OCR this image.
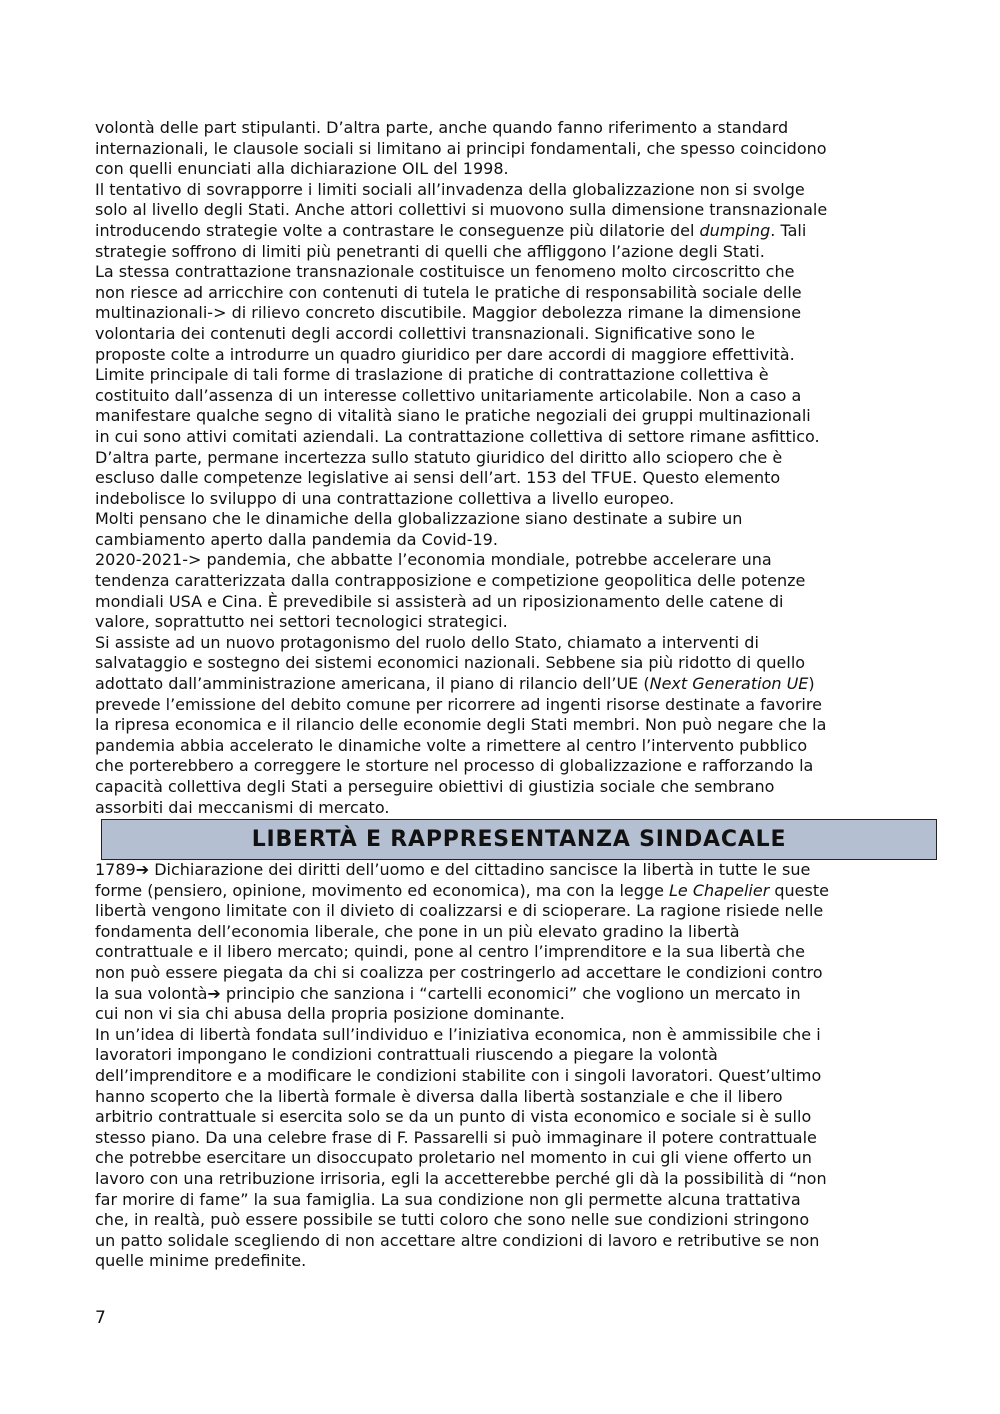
volontà delle part stipulanti. D’altra parte, anche quando fanno riferimento a standard
internazionali, le clausole sociali si limitano ai principi fondamentali, che spesso coincidono
con quelli enunciati alla dichiarazione OIL del 1998.
Il tentativo di sovrapporre i limiti sociali all’invadenza della globalizzazione non si svolge
solo al livello degli Stati. Anche attori collettivi si muovono sulla dimensione transnazionale
introducendo strategie volte a contrastare le conseguenze più dilatorie del dumping. Tali
strategie soffrono di limiti più penetranti di quelli che affliggono l’azione degli Stati.
La stessa contrattazione transnazionale costituisce un fenomeno molto circoscritto che
non riesce ad arricchire con contenuti di tutela le pratiche di responsabilità sociale delle
multinazionali-> di rilievo concreto discutibile. Maggior debolezza rimane la dimensione
volontaria dei contenuti degli accordi collettivi transnazionali. Significative sono le
proposte colte a introdurre un quadro giuridico per dare accordi di maggiore effettività.
Limite principale di tali forme di traslazione di pratiche di contrattazione collettiva è
costituito dall’assenza di un interesse collettivo unitariamente articolabile. Non a caso a
manifestare qualche segno di vitalità siano le pratiche negoziali dei gruppi multinazionali
in cui sono attivi comitati aziendali. La contrattazione collettiva di settore rimane asfittico.
D’altra parte, permane incertezza sullo statuto giuridico del diritto allo sciopero che è
escluso dalle competenze legislative ai sensi dell’art. 153 del TFUE. Questo elemento
indebolisce lo sviluppo di una contrattazione collettiva a livello europeo.
Molti pensano che le dinamiche della globalizzazione siano destinate a subire un
cambiamento aperto dalla pandemia da Covid-19.
2020-2021-> pandemia, che abbatte l’economia mondiale, potrebbe accelerare una
tendenza caratterizzata dalla contrapposizione e competizione geopolitica delle potenze
mondiali USA e Cina. È prevedibile si assisterà ad un riposizionamento delle catene di
valore, soprattutto nei settori tecnologici strategici.
Si assiste ad un nuovo protagonismo del ruolo dello Stato, chiamato a interventi di
salvataggio e sostegno dei sistemi economici nazionali. Sebbene sia più ridotto di quello
adottato dall’amministrazione americana, il piano di rilancio dell’UE (Next Generation UE)
prevede l’emissione del debito comune per ricorrere ad ingenti risorse destinate a favorire
la ripresa economica e il rilancio delle economie degli Stati membri. Non può negare che la
pandemia abbia accelerato le dinamiche volte a rimettere al centro l’intervento pubblico
che porterebbero a correggere le storture nel processo di globalizzazione e rafforzando la
capacità collettiva degli Stati a perseguire obiettivi di giustizia sociale che sembrano
assorbiti dai meccanismi di mercato.
LIBERTÀ E RAPPRESENTANZA SINDACALE
1789➔ Dichiarazione dei diritti dell’uomo e del cittadino sancisce la libertà in tutte le sue
forme (pensiero, opinione, movimento ed economica), ma con la legge Le Chapelier queste
libertà vengono limitate con il divieto di coalizzarsi e di scioperare. La ragione risiede nelle
fondamenta dell’economia liberale, che pone in un più elevato gradino la libertà
contrattuale e il libero mercato; quindi, pone al centro l’imprenditore e la sua libertà che
non può essere piegata da chi si coalizza per costringerlo ad accettare le condizioni contro
la sua volontà➔ principio che sanziona i “cartelli economici” che vogliono un mercato in
cui non vi sia chi abusa della propria posizione dominante.
In un’idea di libertà fondata sull’individuo e l’iniziativa economica, non è ammissibile che i
lavoratori impongano le condizioni contrattuali riuscendo a piegare la volontà
dell’imprenditore e a modificare le condizioni stabilite con i singoli lavoratori. Quest’ultimo
hanno scoperto che la libertà formale è diversa dalla libertà sostanziale e che il libero
arbitrio contrattuale si esercita solo se da un punto di vista economico e sociale si è sullo
stesso piano. Da una celebre frase di F. Passarelli si può immaginare il potere contrattuale
che potrebbe esercitare un disoccupato proletario nel momento in cui gli viene offerto un
lavoro con una retribuzione irrisoria, egli la accetterebbe perché gli dà la possibilità di “non
far morire di fame” la sua famiglia. La sua condizione non gli permette alcuna trattativa
che, in realtà, può essere possibile se tutti coloro che sono nelle sue condizioni stringono
un patto solidale scegliendo di non accettare altre condizioni di lavoro e retributive se non
quelle minime predefinite.
7
